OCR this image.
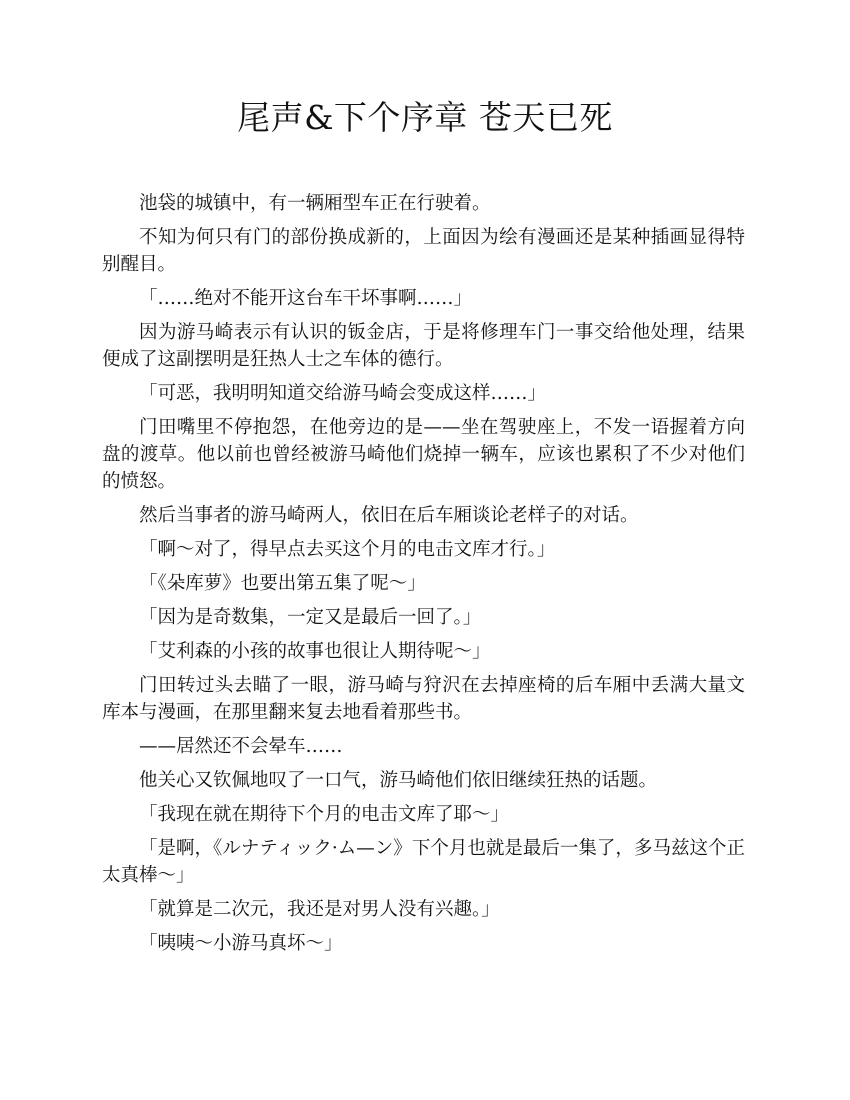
尾声&下个序章 苍天已死

池袋的城镇中，有一辆厢型车正在行驶着。

不知为何只有门的部份换成新的，上面因为绘有漫画还是某种插画显得特别醒目。

「……绝对不能开这台车干坏事啊……」

因为游马崎表示有认识的钣金店，于是将修理车门一事交给他处理，结果便成了这副摆明是狂热人士之车体的德行。

「可恶，我明明知道交给游马崎会变成这样……」

门田嘴里不停抱怨，在他旁边的是——坐在驾驶座上，不发一语握着方向盘的渡草。他以前也曾经被游马崎他们烧掉一辆车，应该也累积了不少对他们的愤怒。

然后当事者的游马崎两人，依旧在后车厢谈论老样子的对话。

「啊～对了，得早点去买这个月的电击文库才行。」

「《朵库萝》也要出第五集了呢～」

「因为是奇数集，一定又是最后一回了。」

「艾利森的小孩的故事也很让人期待呢～」

门田转过头去瞄了一眼，游马崎与狩沢在去掉座椅的后车厢中丢满大量文库本与漫画，在那里翻来复去地看着那些书。

——居然还不会晕车……

他关心又钦佩地叹了一口气，游马崎他们依旧继续狂热的话题。

「我现在就在期待下个月的电击文库了耶～」

「是啊，《ルナティック·ム—ン》下个月也就是最后一集了，多马兹这个正太真棒～」

「就算是二次元，我还是对男人没有兴趣。」

「咦咦～小游马真坏～」
